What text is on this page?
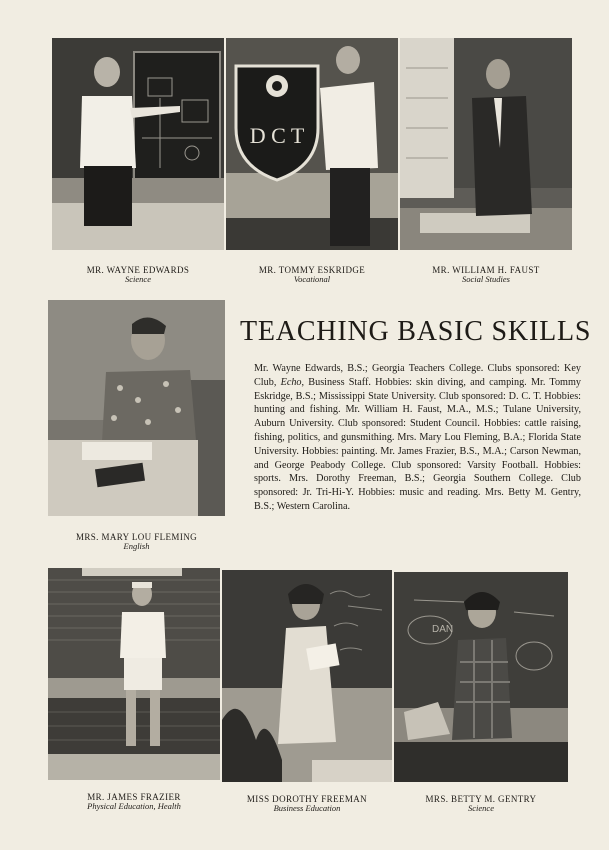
D C T
MR. WAYNE EDWARDS
Science
MR. TOMMY ESKRIDGE
Vocational
MR. WILLIAM H. FAUST
Social Studies
MRS. MARY LOU FLEMING
English
TEACHING BASIC SKILLS
Mr. Wayne Edwards, B.S.; Georgia Teachers College. Clubs sponsored: Key Club, Echo, Business Staff. Hobbies: skin diving, and camping. Mr. Tommy Eskridge, B.S.; Mississippi State University. Club sponsored: D. C. T. Hobbies: hunting and fishing. Mr. William H. Faust, M.A., M.S.; Tulane University, Auburn University. Club sponsored: Student Council. Hobbies: cattle raising, fishing, politics, and gunsmithing. Mrs. Mary Lou Fleming, B.A.; Florida State University. Hobbies: painting. Mr. James Frazier, B.S., M.A.; Carson Newman, and George Peabody College. Club sponsored: Varsity Football. Hobbies: sports. Mrs. Dorothy Freeman, B.S.; Georgia Southern College. Club sponsored: Jr. Tri-Hi-Y. Hobbies: music and reading. Mrs. Betty M. Gentry, B.S.; Western Carolina.
DAN
MR. JAMES FRAZIER
Physical Education, Health
MISS DOROTHY FREEMAN
Business Education
MRS. BETTY M. GENTRY
Science
